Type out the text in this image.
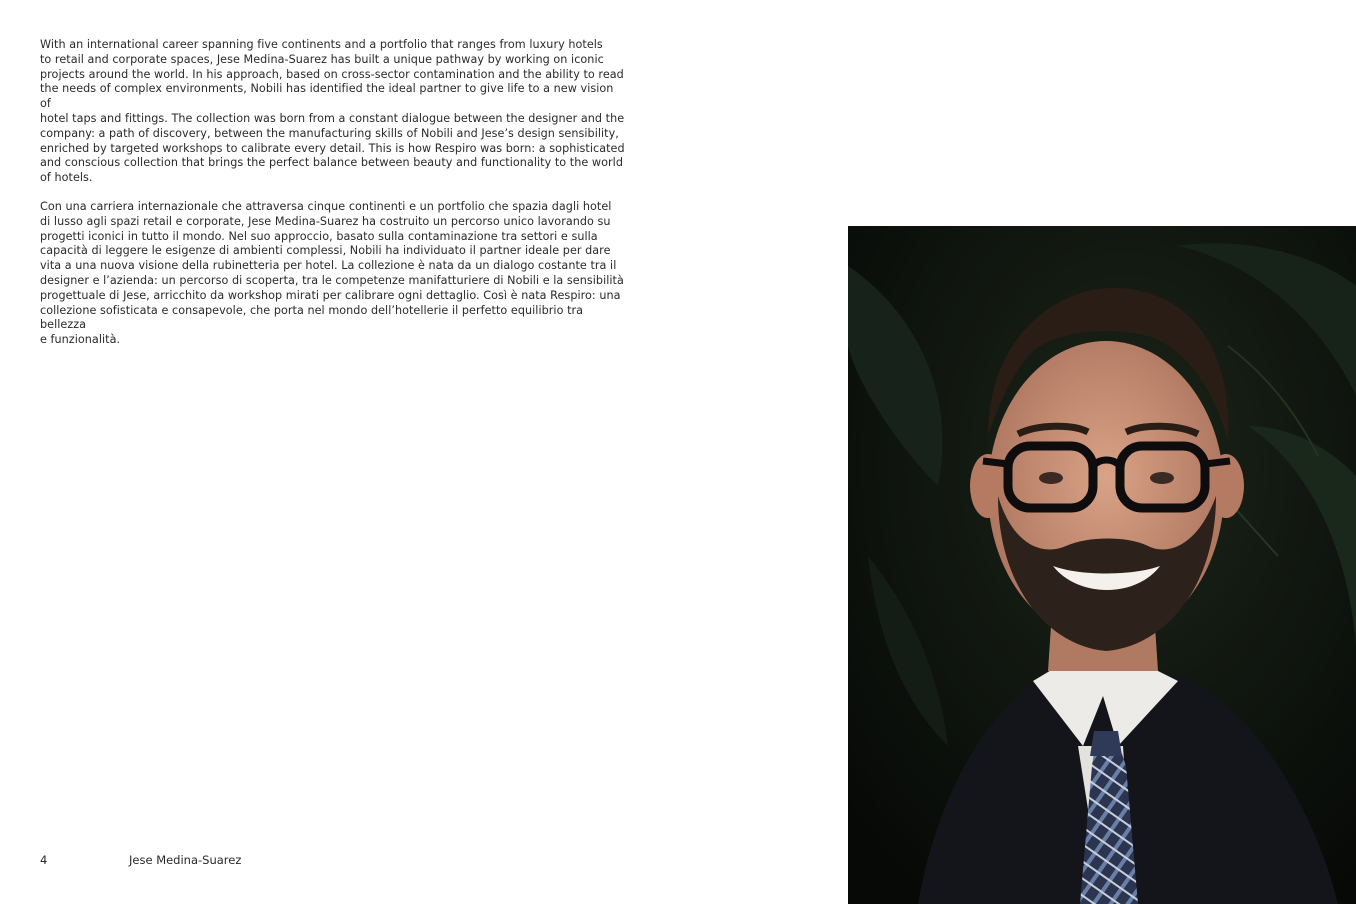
With an international career spanning five continents and a portfolio that ranges from luxury hotels
to retail and corporate spaces, Jese Medina-Suarez has built a unique pathway by working on iconic
projects around the world. In his approach, based on cross-sector contamination and the ability to read
the needs of complex environments, Nobili has identified the ideal partner to give life to a new vision of
hotel taps and fittings. The collection was born from a constant dialogue between the designer and the
company: a path of discovery, between the manufacturing skills of Nobili and Jese’s design sensibility,
enriched by targeted workshops to calibrate every detail. This is how Respiro was born: a sophisticated
and conscious collection that brings the perfect balance between beauty and functionality to the world
of hotels.

Con una carriera internazionale che attraversa cinque continenti e un portfolio che spazia dagli hotel
di lusso agli spazi retail e corporate, Jese Medina-Suarez ha costruito un percorso unico lavorando su
progetti iconici in tutto il mondo. Nel suo approccio, basato sulla contaminazione tra settori e sulla
capacità di leggere le esigenze di ambienti complessi, Nobili ha individuato il partner ideale per dare
vita a una nuova visione della rubinetteria per hotel. La collezione è nata da un dialogo costante tra il
designer e l’azienda: un percorso di scoperta, tra le competenze manifatturiere di Nobili e la sensibilità
progettuale di Jese, arricchito da workshop mirati per calibrare ogni dettaglio. Così è nata Respiro: una
collezione sofisticata e consapevole, che porta nel mondo dell’hotellerie il perfetto equilibrio tra bellezza
e funzionalità.

4	Jese Medina-Suarez
